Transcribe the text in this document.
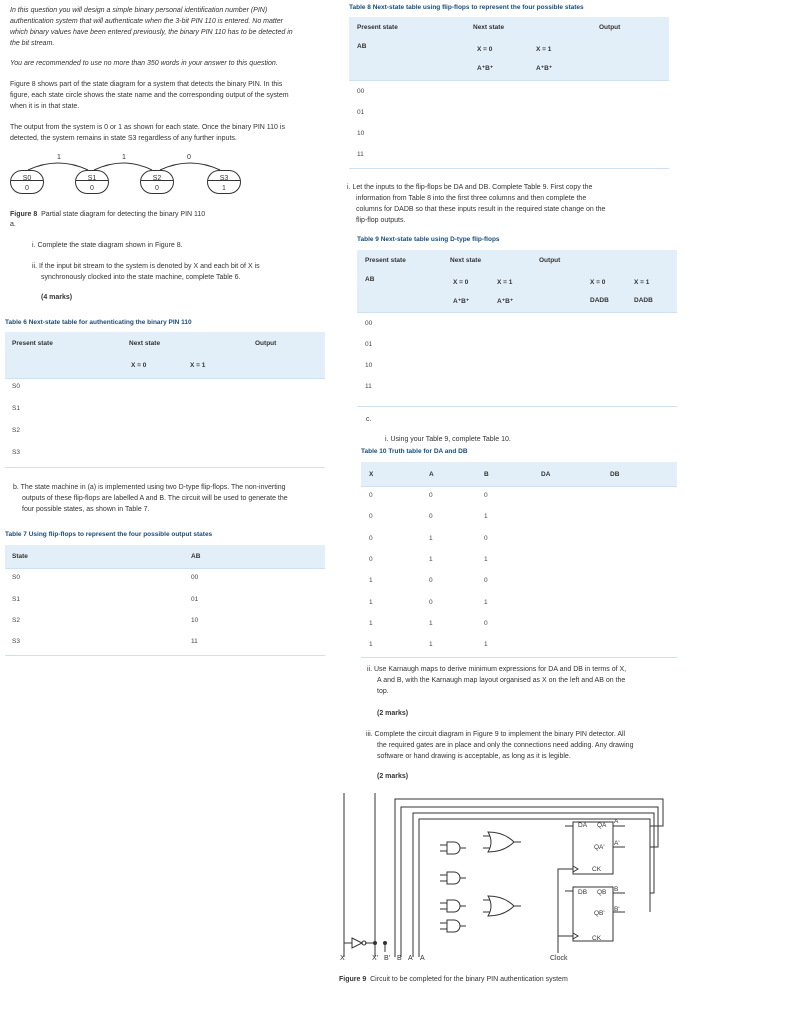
In this question you will design a simple binary personal identification number (PIN)
authentication system that will authenticate when the 3-bit PIN 110 is entered. No matter
which binary values have been entered previously, the binary PIN 110 has to be detected in
the bit stream.
You are recommended to use no more than 350 words in your answer to this question.
Figure 8 shows part of the state diagram for a system that detects the binary PIN. In this
figure, each state circle shows the state name and the corresponding output of the system
when it is in that state.
The output from the system is 0 or 1 as shown for each state. Once the binary PIN 110 is
detected, the system remains in state S3 regardless of any further inputs.
1	1	0
S0
0
S1
0
S2
0
S3
1
Figure 8 Partial state diagram for detecting the binary PIN 110
a.
i. Complete the state diagram shown in Figure 8.
ii. If the input bit stream to the system is denoted by X and each bit of X is
synchronously clocked into the state machine, complete Table 6.
(4 marks)
Table 6 Next-state table for authenticating the binary PIN 110
Present state	Next state	Output
X = 0	X = 1
S0
S1
S2
S3
b. The state machine in (a) is implemented using two D-type flip-flops. The non-inverting
outputs of these flip-flops are labelled A and B. The circuit will be used to generate the
four possible states, as shown in Table 7.
Table 7 Using flip-flops to represent the four possible output states
State	AB
S0	00
S1	01
S2	10
S3	11
Table 8 Next-state table using flip-flops to represent the four possible states
Present state	Next state	Output
AB	X = 0	X = 1
A⁺B⁺	A⁺B⁺
00
01
10
11
i. Let the inputs to the flip-flops be DA and DB. Complete Table 9. First copy the
information from Table 8 into the first three columns and then complete the
columns for DADB so that these inputs result in the required state change on the
flip-flop outputs.
Table 9 Next-state table using D-type flip-flops
Present state	Next state	Output
AB	X = 0	X = 1	X = 0	X = 1
A⁺B⁺	A⁺B⁺	DADB	DADB
00
01
10
11
c.
i. Using your Table 9, complete Table 10.
Table 10 Truth table for DA and DB
X	A	B	DA	DB
0	0	0
0	0	1
0	1	0
0	1	1
1	0	0
1	0	1
1	1	0
1	1	1
ii. Use Karnaugh maps to derive minimum expressions for DA and DB in terms of X,
A and B, with the Karnaugh map layout organised as X on the left and AB on the
top.
(2 marks)
iii. Complete the circuit diagram in Figure 9 to implement the binary PIN detector. All
the required gates are in place and only the connections need adding. Any drawing
software or hand drawing is acceptable, as long as it is legible.
(2 marks)
DA QA
QA'
CK
DB QB
QB'
CK
A
A'
B
B'
X	X' B' B A' A	Clock
Figure 9 Circuit to be completed for the binary PIN authentication system
